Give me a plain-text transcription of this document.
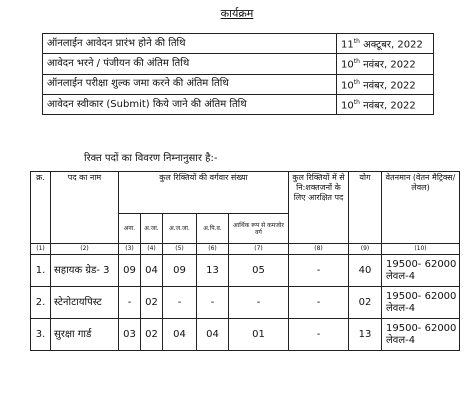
कार्यक्रम
ऑनलाईन आवेदन प्रारंभ होने की तिथि	11th अक्टूबर, 2022
आवेदन भरने / पंजीयन की अंतिम तिथि	10th नवंबर, 2022
ऑनलाईन परीक्षा शुल्क जमा करने की अंतिम तिथि	10th नवंबर, 2022
आवेदन स्वीकार (Submit) किये जाने की अंतिम तिथि	10th नवंबर, 2022
रिक्त पदों का विवरण निम्नानुसार है:-
क्र.	पद का नाम	कुल रिक्तियों की वर्गवार संख्या					कुल रिक्तियों में से नि:शक्तजनों के लिए आरक्षित पद	योग	वेतनमान (वेतन मैट्रिक्स/ लेवल)
		अना.	अ.जा.	अ.ज.जा.	अ.पि.व.	आर्थिक रूप से कमजोर वर्ग			
(1)	(2)	(3)	(4)	(5)	(6)	(7)	(8)	(9)	(10)
1.	सहायक ग्रेड- 3	09	04	09	13	05	-	40	19500- 62000
लेवल-4

2.	स्टेनोटायपिस्ट	-	02	-	-	-	-	02	19500- 62000
लेवल-4

3.	सुरक्षा गार्ड	03	02	04	04	01	-	13	19500- 62000
लेवल-4
